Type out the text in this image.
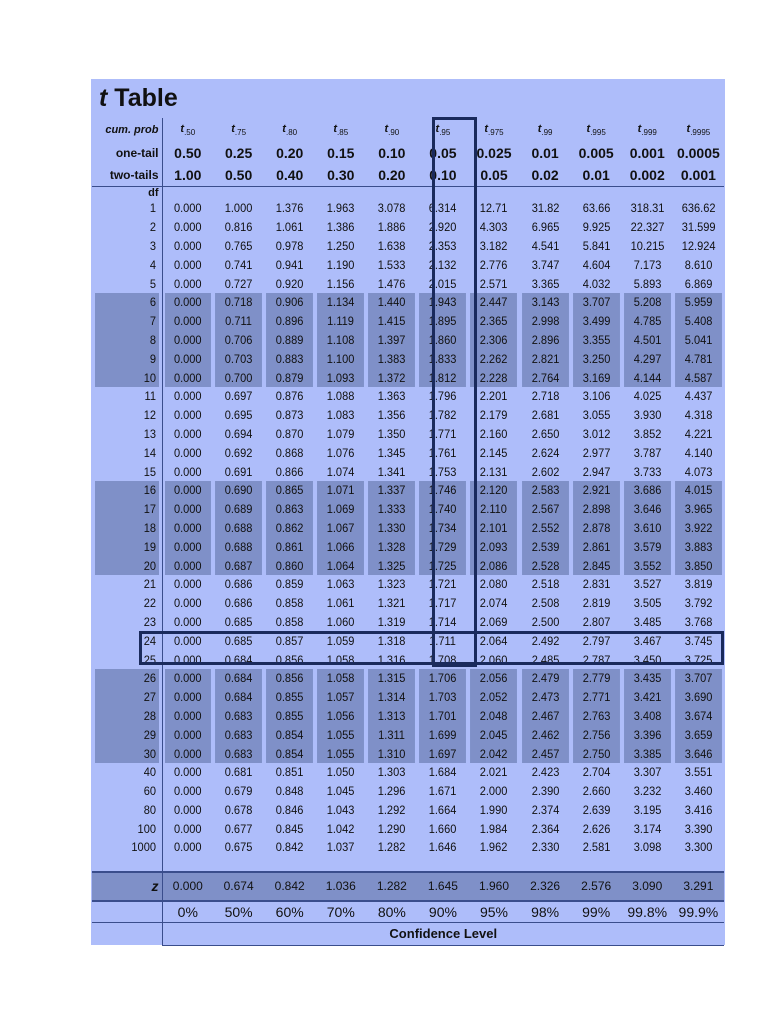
t Table
cum. prob	$t_{.50}$	$t_{.75}$	$t_{.80}$	$t_{.85}$	$t_{.90}$	$t_{.95}$	$t_{.975}$	$t_{.99}$	$t_{.995}$	$t_{.999}$	$t_{.9995}$
one-tail	0.50	0.25	0.20	0.15	0.10	0.05	0.025	0.01	0.005	0.001	0.0005
two-tails	1.00	0.50	0.40	0.30	0.20	0.10	0.05	0.02	0.01	0.002	0.001
df											
1	0.000	1.000	1.376	1.963	3.078	6.314	12.71	31.82	63.66	318.31	636.62
2	0.000	0.816	1.061	1.386	1.886	2.920	4.303	6.965	9.925	22.327	31.599
3	0.000	0.765	0.978	1.250	1.638	2.353	3.182	4.541	5.841	10.215	12.924
4	0.000	0.741	0.941	1.190	1.533	2.132	2.776	3.747	4.604	7.173	8.610
5	0.000	0.727	0.920	1.156	1.476	2.015	2.571	3.365	4.032	5.893	6.869
6	0.000	0.718	0.906	1.134	1.440	1.943	2.447	3.143	3.707	5.208	5.959
7	0.000	0.711	0.896	1.119	1.415	1.895	2.365	2.998	3.499	4.785	5.408
8	0.000	0.706	0.889	1.108	1.397	1.860	2.306	2.896	3.355	4.501	5.041
9	0.000	0.703	0.883	1.100	1.383	1.833	2.262	2.821	3.250	4.297	4.781
10	0.000	0.700	0.879	1.093	1.372	1.812	2.228	2.764	3.169	4.144	4.587
11	0.000	0.697	0.876	1.088	1.363	1.796	2.201	2.718	3.106	4.025	4.437
12	0.000	0.695	0.873	1.083	1.356	1.782	2.179	2.681	3.055	3.930	4.318
13	0.000	0.694	0.870	1.079	1.350	1.771	2.160	2.650	3.012	3.852	4.221
14	0.000	0.692	0.868	1.076	1.345	1.761	2.145	2.624	2.977	3.787	4.140
15	0.000	0.691	0.866	1.074	1.341	1.753	2.131	2.602	2.947	3.733	4.073
16	0.000	0.690	0.865	1.071	1.337	1.746	2.120	2.583	2.921	3.686	4.015
17	0.000	0.689	0.863	1.069	1.333	1.740	2.110	2.567	2.898	3.646	3.965
18	0.000	0.688	0.862	1.067	1.330	1.734	2.101	2.552	2.878	3.610	3.922
19	0.000	0.688	0.861	1.066	1.328	1.729	2.093	2.539	2.861	3.579	3.883
20	0.000	0.687	0.860	1.064	1.325	1.725	2.086	2.528	2.845	3.552	3.850
21	0.000	0.686	0.859	1.063	1.323	1.721	2.080	2.518	2.831	3.527	3.819
22	0.000	0.686	0.858	1.061	1.321	1.717	2.074	2.508	2.819	3.505	3.792
23	0.000	0.685	0.858	1.060	1.319	1.714	2.069	2.500	2.807	3.485	3.768
24	0.000	0.685	0.857	1.059	1.318	1.711	2.064	2.492	2.797	3.467	3.745
25	0.000	0.684	0.856	1.058	1.316	1.708	2.060	2.485	2.787	3.450	3.725
26	0.000	0.684	0.856	1.058	1.315	1.706	2.056	2.479	2.779	3.435	3.707
27	0.000	0.684	0.855	1.057	1.314	1.703	2.052	2.473	2.771	3.421	3.690
28	0.000	0.683	0.855	1.056	1.313	1.701	2.048	2.467	2.763	3.408	3.674
29	0.000	0.683	0.854	1.055	1.311	1.699	2.045	2.462	2.756	3.396	3.659
30	0.000	0.683	0.854	1.055	1.310	1.697	2.042	2.457	2.750	3.385	3.646
40	0.000	0.681	0.851	1.050	1.303	1.684	2.021	2.423	2.704	3.307	3.551
60	0.000	0.679	0.848	1.045	1.296	1.671	2.000	2.390	2.660	3.232	3.460
80	0.000	0.678	0.846	1.043	1.292	1.664	1.990	2.374	2.639	3.195	3.416
100	0.000	0.677	0.845	1.042	1.290	1.660	1.984	2.364	2.626	3.174	3.390
1000	0.000	0.675	0.842	1.037	1.282	1.646	1.962	2.330	2.581	3.098	3.300

z	0.000	0.674	0.842	1.036	1.282	1.645	1.960	2.326	2.576	3.090	3.291
	0%	50%	60%	70%	80%	90%	95%	98%	99%	99.8%	99.9%
	Confidence Level										
